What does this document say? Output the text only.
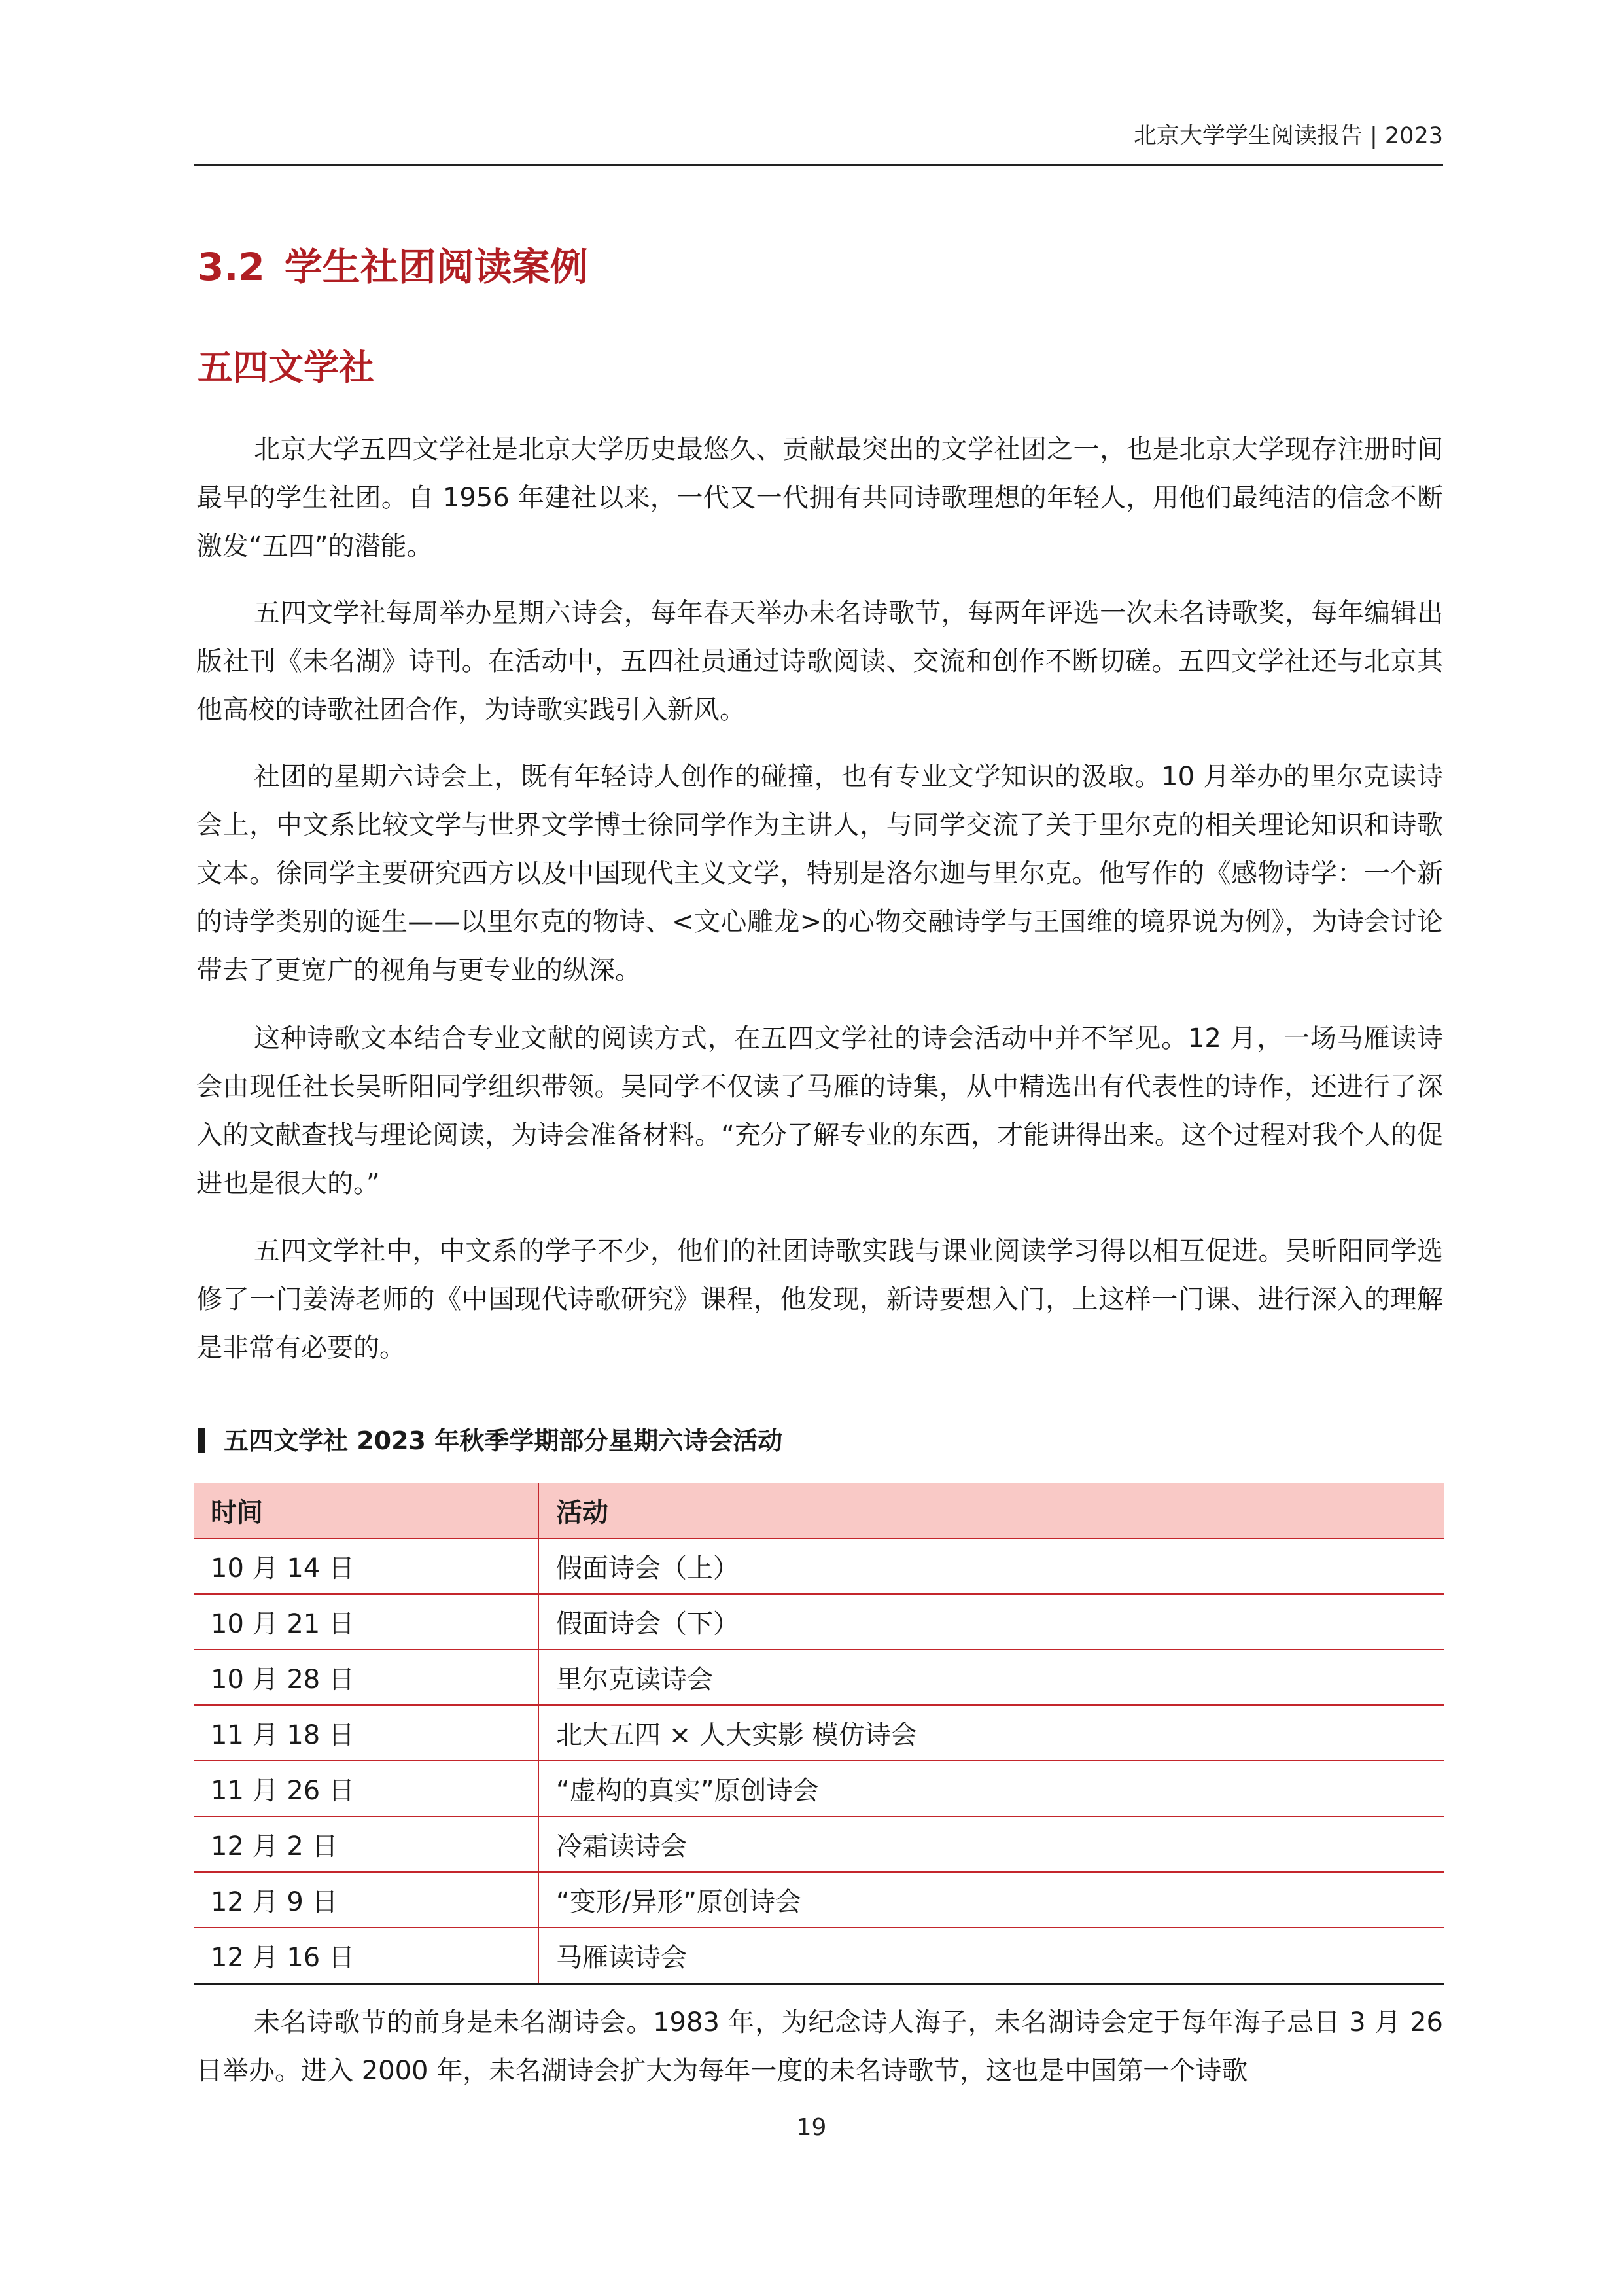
北京大学学生阅读报告 | 2023
3.2 学生社团阅读案例
五四文学社

北京大学五四文学社是北京大学历史最悠久、贡献最突出的文学社团之一，也是北京大学现存注册时间最早的学生社团。自 1956 年建社以来，一代又一代拥有共同诗歌理想的年轻人，用他们最纯洁的信念不断激发“五四”的潜能。

五四文学社每周举办星期六诗会，每年春天举办未名诗歌节，每两年评选一次未名诗歌奖，每年编辑出版社刊《未名湖》诗刊。在活动中，五四社员通过诗歌阅读、交流和创作不断切磋。五四文学社还与北京其他高校的诗歌社团合作，为诗歌实践引入新风。

社团的星期六诗会上，既有年轻诗人创作的碰撞，也有专业文学知识的汲取。10 月举办的里尔克读诗会上，中文系比较文学与世界文学博士徐同学作为主讲人，与同学交流了关于里尔克的相关理论知识和诗歌文本。徐同学主要研究西方以及中国现代主义文学，特别是洛尔迦与里尔克。他写作的《感物诗学：一个新的诗学类别的诞生——以里尔克的物诗、<文心雕龙>的心物交融诗学与王国维的境界说为例》，为诗会讨论带去了更宽广的视角与更专业的纵深。

这种诗歌文本结合专业文献的阅读方式，在五四文学社的诗会活动中并不罕见。12 月，一场马雁读诗会由现任社长吴昕阳同学组织带领。吴同学不仅读了马雁的诗集，从中精选出有代表性的诗作，还进行了深入的文献查找与理论阅读，为诗会准备材料。“充分了解专业的东西，才能讲得出来。这个过程对我个人的促进也是很大的。”

五四文学社中，中文系的学子不少，他们的社团诗歌实践与课业阅读学习得以相互促进。吴昕阳同学选修了一门姜涛老师的《中国现代诗歌研究》课程，他发现，新诗要想入门，上这样一门课、进行深入的理解是非常有必要的。

五四文学社 2023 年秋季学期部分星期六诗会活动
时间	活动
10 月 14 日	假面诗会（上）
10 月 21 日	假面诗会（下）
10 月 28 日	里尔克读诗会
11 月 18 日	北大五四 × 人大实影 模仿诗会
11 月 26 日	“虚构的真实”原创诗会
12 月 2 日	冷霜读诗会
12 月 9 日	“变形/异形”原创诗会
12 月 16 日	马雁读诗会

未名诗歌节的前身是未名湖诗会。1983 年，为纪念诗人海子，未名湖诗会定于每年海子忌日 3 月 26 日举办。进入 2000 年，未名湖诗会扩大为每年一度的未名诗歌节，这也是中国第一个诗歌

19
